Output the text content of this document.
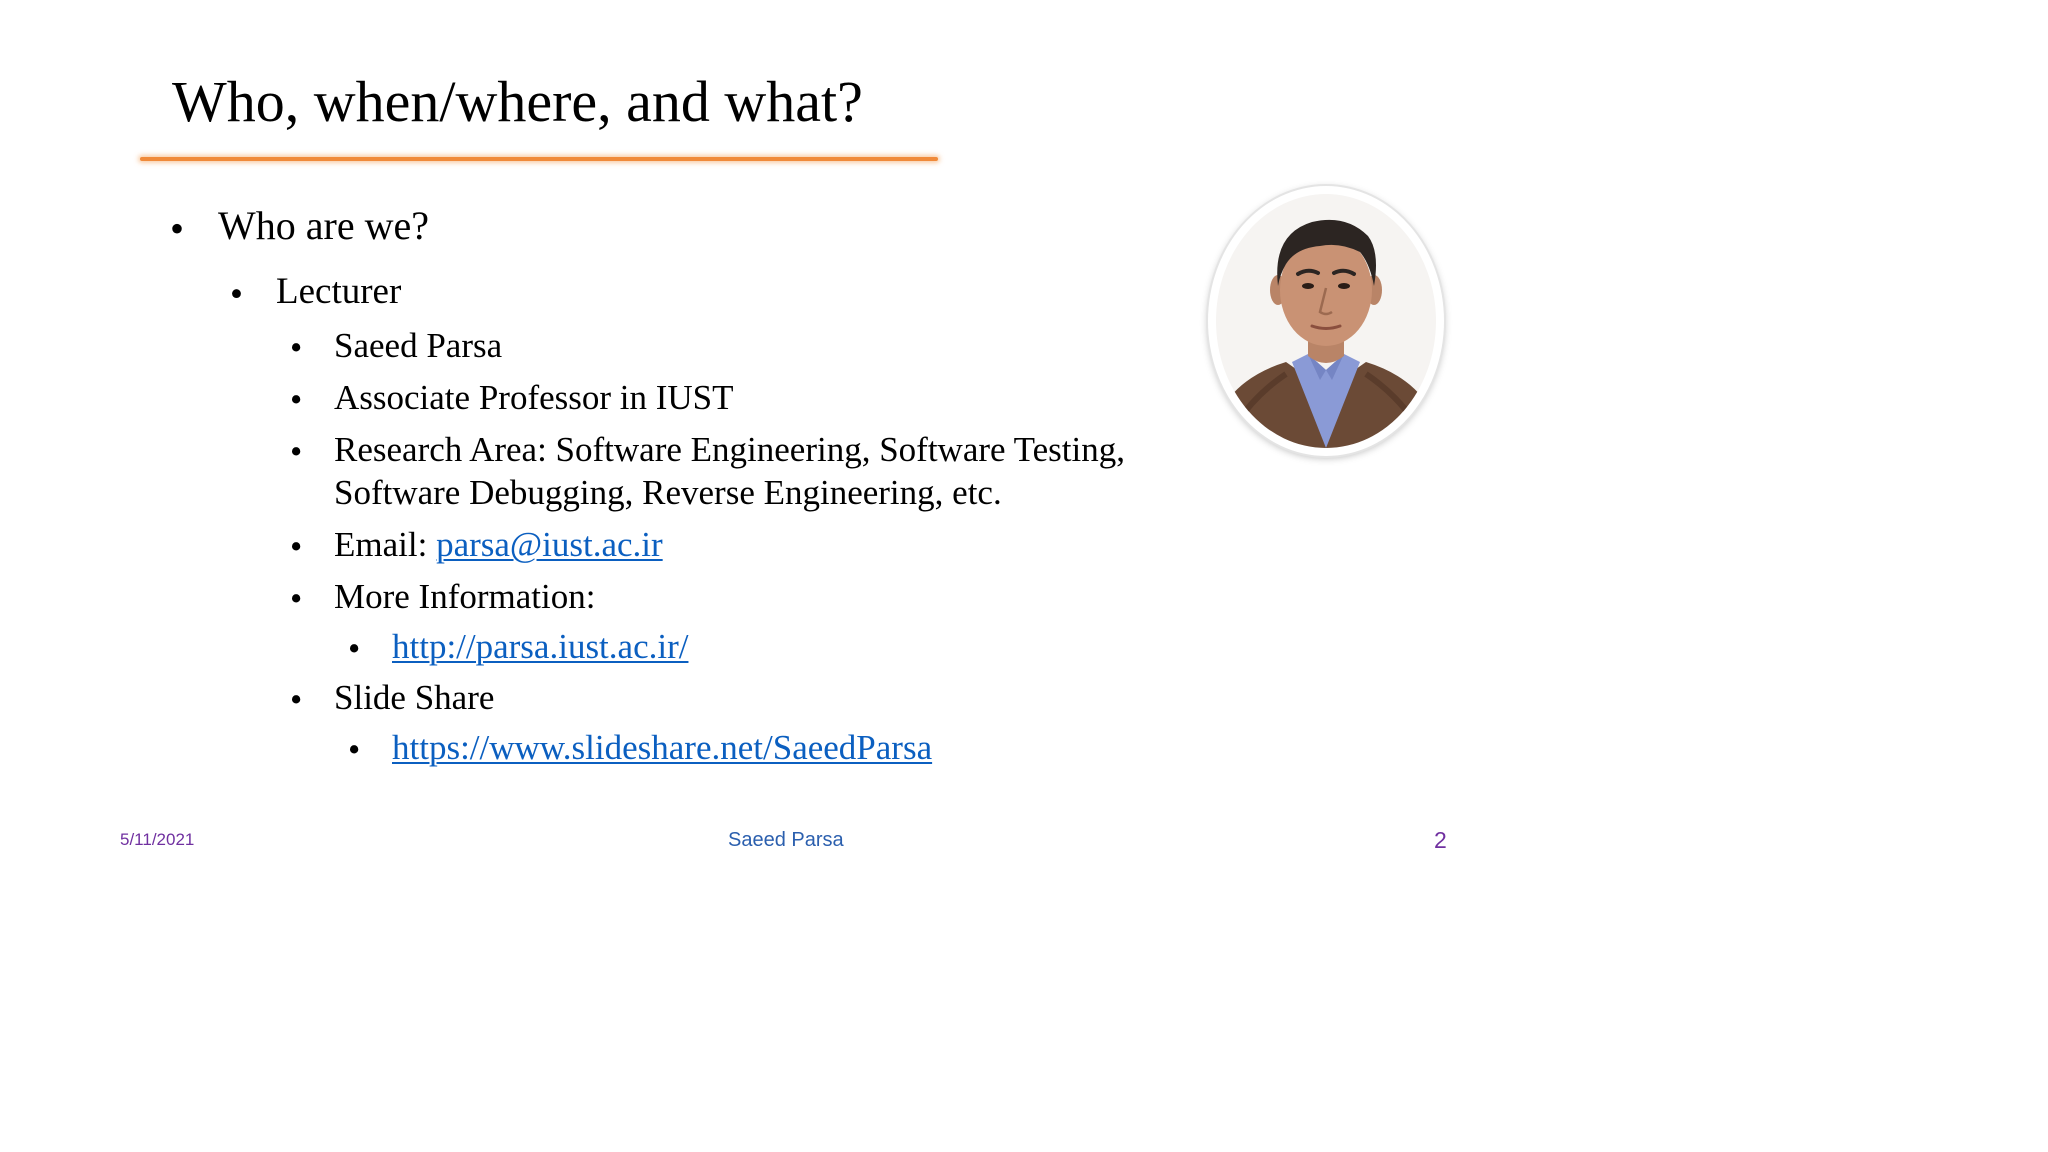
Who, when/where, and what?
• Who are we?
• Lecturer
• Saeed Parsa
• Associate Professor in IUST
• Research Area: Software Engineering, Software Testing,
Software Debugging, Reverse Engineering, etc.
• Email: parsa@iust.ac.ir
• More Information:
• http://parsa.iust.ac.ir/
• Slide Share
• https://www.slideshare.net/SaeedParsa
5/11/2021	Saeed Parsa	2
